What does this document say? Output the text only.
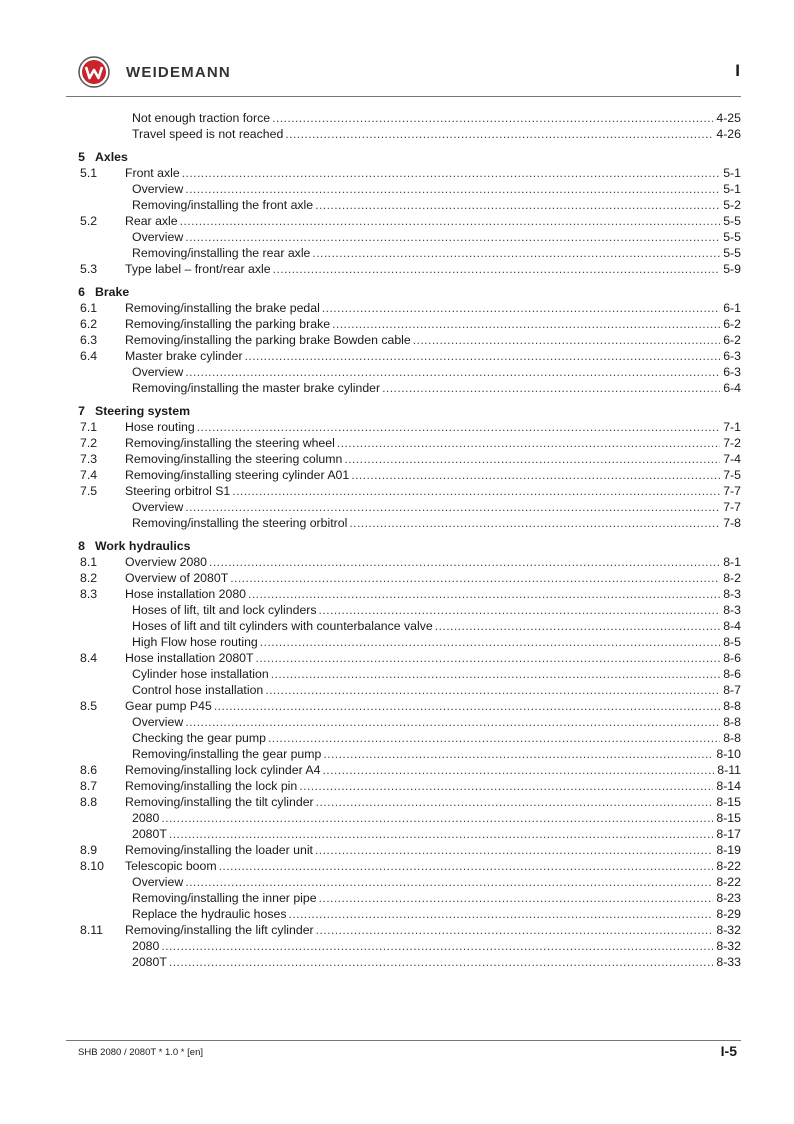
WEIDEMANN	I
Not enough traction force .....	4-25
Travel speed is not reached .....	4-26
5 Axles
5.1	Front axle .....	5-1
Overview .....	5-1
Removing/installing the front axle .....	5-2
5.2	Rear axle .....	5-5
Overview .....	5-5
Removing/installing the rear axle .....	5-5
5.3	Type label – front/rear axle .....	5-9
6 Brake
6.1	Removing/installing the brake pedal .....	6-1
6.2	Removing/installing the parking brake .....	6-2
6.3	Removing/installing the parking brake Bowden cable .....	6-2
6.4	Master brake cylinder .....	6-3
Overview .....	6-3
Removing/installing the master brake cylinder .....	6-4
7 Steering system
7.1	Hose routing .....	7-1
7.2	Removing/installing the steering wheel .....	7-2
7.3	Removing/installing the steering column .....	7-4
7.4	Removing/installing steering cylinder A01 .....	7-5
7.5	Steering orbitrol S1 .....	7-7
Overview .....	7-7
Removing/installing the steering orbitrol .....	7-8
8 Work hydraulics
8.1	Overview 2080 .....	8-1
8.2	Overview of 2080T .....	8-2
8.3	Hose installation 2080 .....	8-3
Hoses of lift, tilt and lock cylinders .....	8-3
Hoses of lift and tilt cylinders with counterbalance valve .....	8-4
High Flow hose routing .....	8-5
8.4	Hose installation 2080T .....	8-6
Cylinder hose installation .....	8-6
Control hose installation .....	8-7
8.5	Gear pump P45 .....	8-8
Overview .....	8-8
Checking the gear pump .....	8-8
Removing/installing the gear pump .....	8-10
8.6	Removing/installing lock cylinder A4 .....	8-11
8.7	Removing/installing the lock pin .....	8-14
8.8	Removing/installing the tilt cylinder .....	8-15
2080 .....	8-15
2080T .....	8-17
8.9	Removing/installing the loader unit .....	8-19
8.10	Telescopic boom .....	8-22
Overview .....	8-22
Removing/installing the inner pipe .....	8-23
Replace the hydraulic hoses .....	8-29
8.11	Removing/installing the lift cylinder .....	8-32
2080 .....	8-32
2080T .....	8-33
SHB 2080 / 2080T * 1.0 * [en]	I-5
